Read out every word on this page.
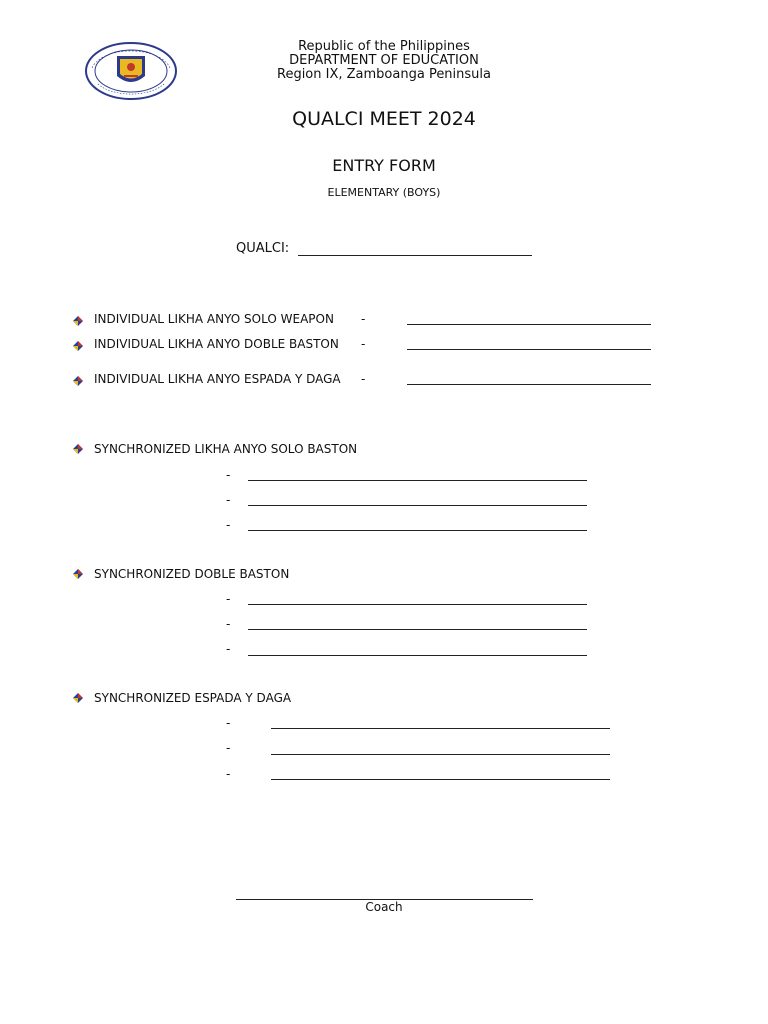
Republic of the Philippines
DEPARTMENT OF EDUCATION
Region IX, Zamboanga Peninsula
QUALCI MEET 2024
ENTRY FORM
ELEMENTARY (BOYS)
QUALCI:
INDIVIDUAL LIKHA ANYO SOLO WEAPON -
INDIVIDUAL LIKHA ANYO DOBLE BASTON -
INDIVIDUAL LIKHA ANYO ESPADA Y DAGA -
SYNCHRONIZED LIKHA ANYO SOLO BASTON
-
-
-
SYNCHRONIZED DOBLE BASTON
-
-
-
SYNCHRONIZED ESPADA Y DAGA
-
-
-
Coach
